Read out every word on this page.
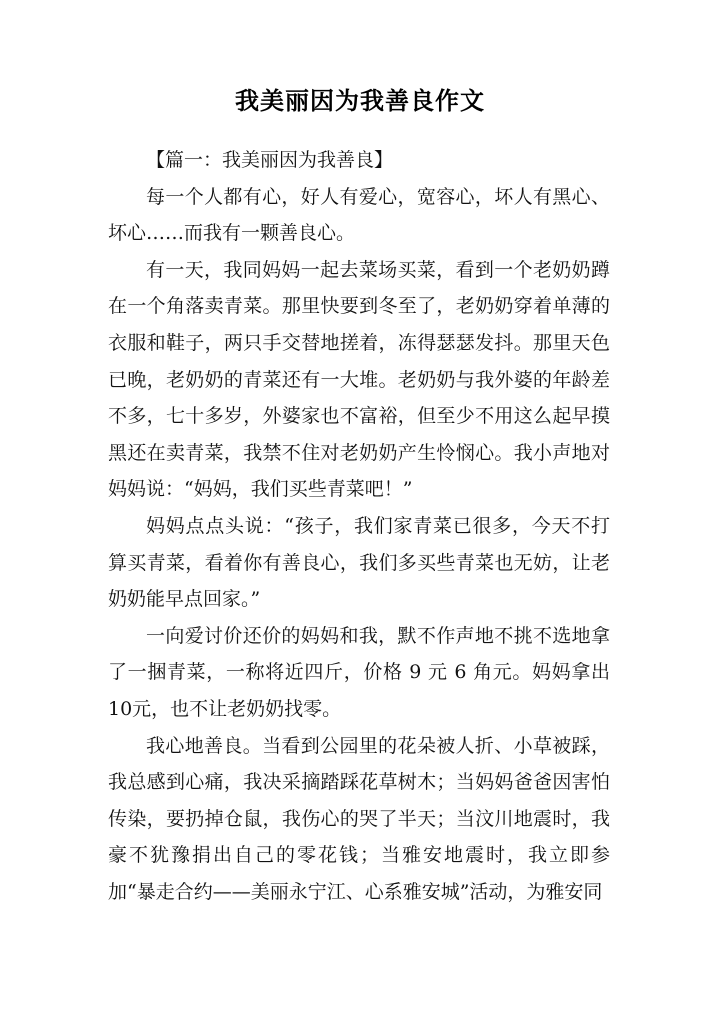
我美丽因为我善良作文

【篇一：我美丽因为我善良】

每一个人都有心，好人有爱心，宽容心，坏人有黑心、坏心……而我有一颗善良心。

有一天，我同妈妈一起去菜场买菜，看到一个老奶奶蹲在一个角落卖青菜。那里快要到冬至了，老奶奶穿着单薄的衣服和鞋子，两只手交替地搓着，冻得瑟瑟发抖。那里天色已晚，老奶奶的青菜还有一大堆。老奶奶与我外婆的年龄差不多，七十多岁，外婆家也不富裕，但至少不用这么起早摸黑还在卖青菜，我禁不住对老奶奶产生怜悯心。我小声地对妈妈说：“妈妈，我们买些青菜吧！”

妈妈点点头说：“孩子，我们家青菜已很多，今天不打算买青菜，看着你有善良心，我们多买些青菜也无妨，让老奶奶能早点回家。”

一向爱讨价还价的妈妈和我，默不作声地不挑不选地拿了一捆青菜，一称将近四斤，价格 9 元 6 角元。妈妈拿出 10元，也不让老奶奶找零。

我心地善良。当看到公园里的花朵被人折、小草被踩，我总感到心痛，我决采摘踏踩花草树木；当妈妈爸爸因害怕传染，要扔掉仓鼠，我伤心的哭了半天；当汶川地震时，我豪不犹豫捐出自己的零花钱；当雅安地震时，我立即参加“暴走合约——美丽永宁江、心系雅安城”活动，为雅安同
